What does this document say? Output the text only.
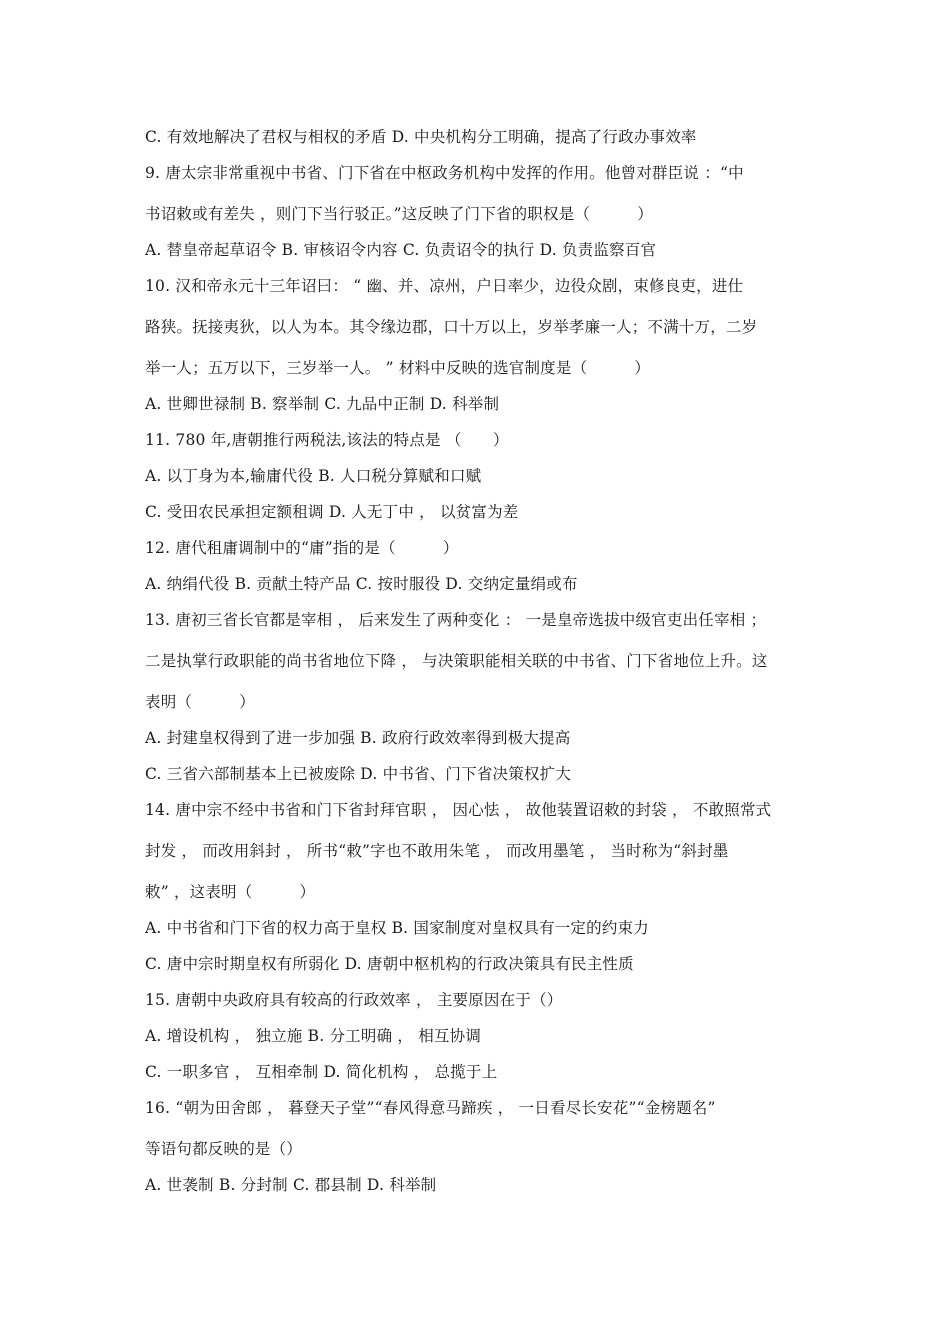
C. 有效地解决了君权与相权的矛盾 D. 中央机构分工明确，提高了行政办事效率
9. 唐太宗非常重视中书省、门下省在中枢政务机构中发挥的作用。他曾对群臣说 ：“中
书诏敕或有差失 ，则门下当行驳正。”这反映了门下省的职权是（　　　）
A. 替皇帝起草诏令 B. 审核诏令内容 C. 负责诏令的执行 D. 负责监察百官
10. 汉和帝永元十三年诏曰： “ 幽、并、凉州，户日率少，边役众剧，束修良吏，进仕
路狭。抚接夷狄，以人为本。其令缘边郡，口十万以上，岁举孝廉一人；不满十万，二岁
举一人；五万以下，三岁举一人。 ” 材料中反映的选官制度是（　　　）
A. 世卿世禄制 B. 察举制 C. 九品中正制 D. 科举制
11. 780 年,唐朝推行两税法,该法的特点是 （　　）
A. 以丁身为本,输庸代役 B. 人口税分算赋和口赋
C. 受田农民承担定额租调 D. 人无丁中 ， 以贫富为差
12. 唐代租庸调制中的“庸”指的是（　　　）
A. 纳绢代役 B. 贡献土特产品 C. 按时服役 D. 交纳定量绢或布
13. 唐初三省长官都是宰相 ， 后来发生了两种变化 ： 一是皇帝选拔中级官吏出任宰相 ；
二是执掌行政职能的尚书省地位下降 ， 与决策职能相关联的中书省、门下省地位上升。这
表明（　　　）
A. 封建皇权得到了进一步加强 B. 政府行政效率得到极大提高
C. 三省六部制基本上已被废除 D. 中书省、门下省决策权扩大
14. 唐中宗不经中书省和门下省封拜官职 ， 因心怯 ， 故他装置诏敕的封袋 ， 不敢照常式
封发 ， 而改用斜封 ， 所书“敕”字也不敢用朱笔 ， 而改用墨笔 ， 当时称为“斜封墨
敕” ，这表明（　　　）
A. 中书省和门下省的权力高于皇权 B. 国家制度对皇权具有一定的约束力
C. 唐中宗时期皇权有所弱化 D. 唐朝中枢机构的行政决策具有民主性质
15. 唐朝中央政府具有较高的行政效率 ， 主要原因在于（）
A. 增设机构 ， 独立施 B. 分工明确 ， 相互协调
C. 一职多官 ， 互相牵制 D. 简化机构 ， 总揽于上
16. “朝为田舍郎 ， 暮登天子堂”“春风得意马蹄疾 ， 一日看尽长安花”“金榜题名”
等语句都反映的是（）
A. 世袭制 B. 分封制 C. 郡县制 D. 科举制
